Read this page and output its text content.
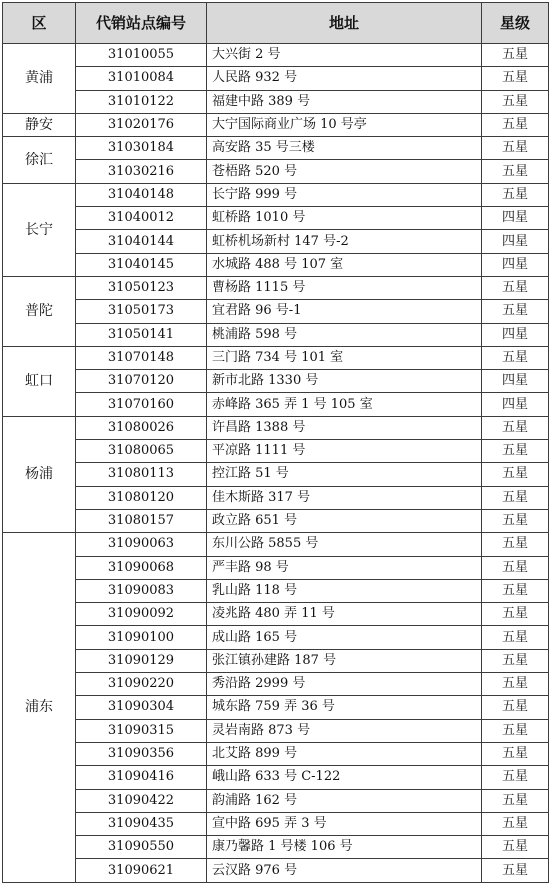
区	代销站点编号	地址	星级
黄浦	31010055	大兴街 2 号	五星
	31010084	人民路 932 号	五星
	31010122	福建中路 389 号	五星
静安	31020176	大宁国际商业广场 10 号亭	五星
徐汇	31030184	高安路 35 号三楼	五星
	31030216	苍梧路 520 号	五星
长宁	31040148	长宁路 999 号	五星
	31040012	虹桥路 1010 号	四星
	31040144	虹桥机场新村 147 号-2	四星
	31040145	水城路 488 号 107 室	四星
普陀	31050123	曹杨路 1115 号	五星
	31050173	宜君路 96 号-1	五星
	31050141	桃浦路 598 号	四星
虹口	31070148	三门路 734 号 101 室	五星
	31070120	新市北路 1330 号	四星
	31070160	赤峰路 365 弄 1 号 105 室	四星
杨浦	31080026	许昌路 1388 号	五星
	31080065	平凉路 1111 号	五星
	31080113	控江路 51 号	五星
	31080120	佳木斯路 317 号	五星
	31080157	政立路 651 号	五星
浦东	31090063	东川公路 5855 号	五星
	31090068	严丰路 98 号	五星
	31090083	乳山路 118 号	五星
	31090092	凌兆路 480 弄 11 号	五星
	31090100	成山路 165 号	五星
	31090129	张江镇孙建路 187 号	五星
	31090220	秀沿路 2999 号	五星
	31090304	城东路 759 弄 36 号	五星
	31090315	灵岩南路 873 号	五星
	31090356	北艾路 899 号	五星
	31090416	峨山路 633 号 C-122	五星
	31090422	韵浦路 162 号	五星
	31090435	宣中路 695 弄 3 号	五星
	31090550	康乃馨路 1 号楼 106 号	五星
	31090621	云汉路 976 号	五星
